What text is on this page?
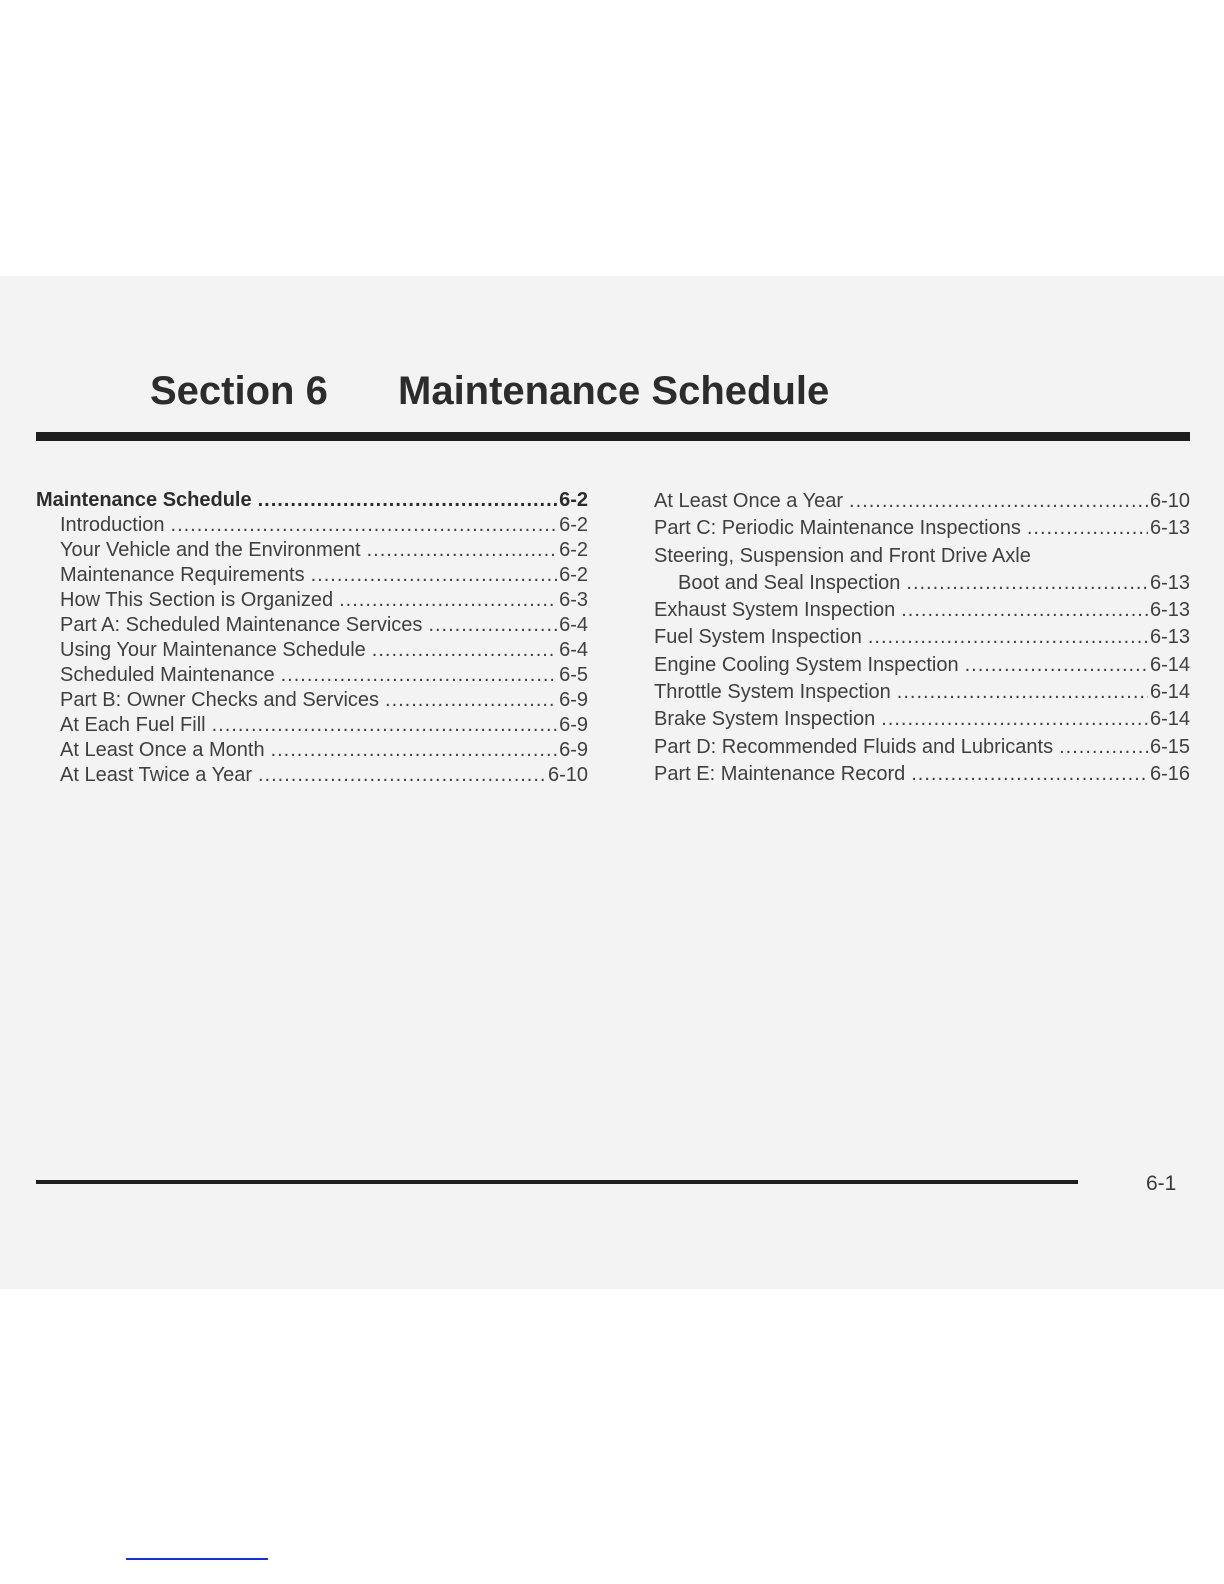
Section 6 Maintenance Schedule
Maintenance Schedule .....	6-2
Introduction .....	6-2
Your Vehicle and the Environment .....	6-2
Maintenance Requirements .....	6-2
How This Section is Organized .....	6-3
Part A: Scheduled Maintenance Services .....	6-4
Using Your Maintenance Schedule .....	6-4
Scheduled Maintenance .....	6-5
Part B: Owner Checks and Services .....	6-9
At Each Fuel Fill .....	6-9
At Least Once a Month .....	6-9
At Least Twice a Year .....	6-10
At Least Once a Year .....	6-10
Part C: Periodic Maintenance Inspections .....	6-13
Steering, Suspension and Front Drive Axle
Boot and Seal Inspection .....	6-13
Exhaust System Inspection .....	6-13
Fuel System Inspection .....	6-13
Engine Cooling System Inspection .....	6-14
Throttle System Inspection .....	6-14
Brake System Inspection .....	6-14
Part D: Recommended Fluids and Lubricants .....	6-15
Part E: Maintenance Record .....	6-16
6-1
